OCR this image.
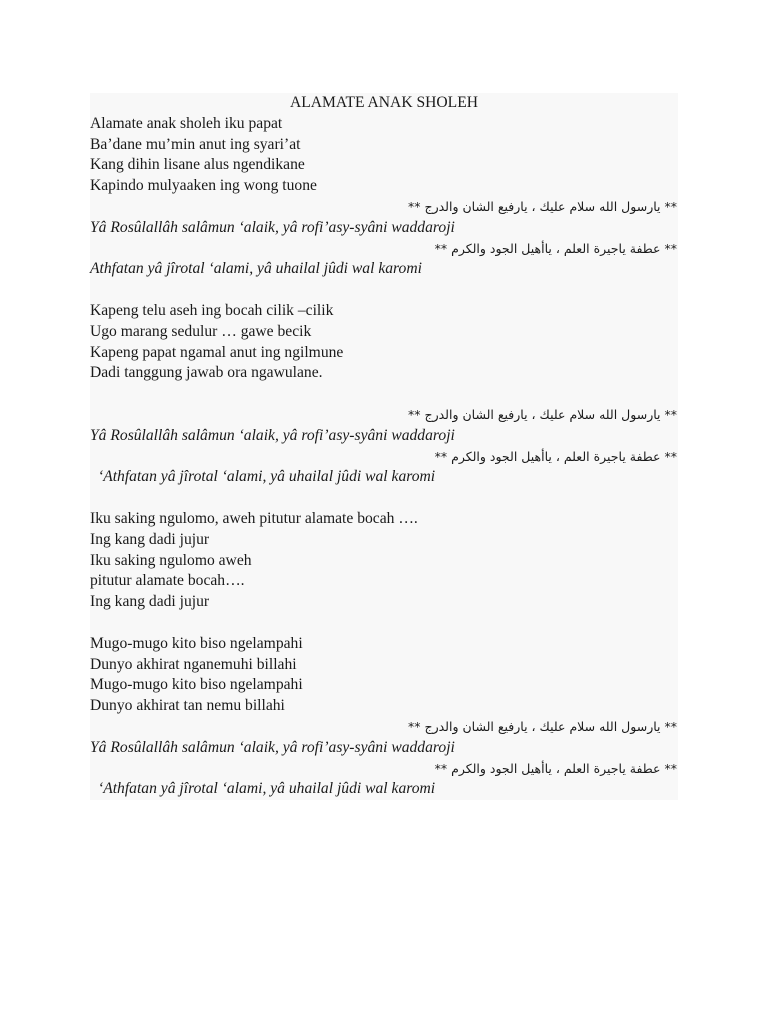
ALAMATE ANAK SHOLEH
Alamate anak sholeh iku papat
Ba’dane mu’min anut ing syari’at
Kang dihin lisane alus ngendikane
Kapindo mulyaaken ing wong tuone
** يارسول الله سلام عليك ، يارفيع الشان والدرج **
Yâ Rosûlallâh salâmun ‘alaik, yâ rofi’asy-syâni waddaroji
** عطفة ياجيرة العلم ، ياأهيل الجود والكرم **
Athfatan yâ jîrotal ‘alami, yâ uhailal jûdi wal karomi
Kapeng telu aseh ing bocah cilik –cilik
Ugo marang sedulur … gawe becik
Kapeng papat ngamal anut ing ngilmune
Dadi tanggung jawab ora ngawulane.
** يارسول الله سلام عليك ، يارفيع الشان والدرج **
Yâ Rosûlallâh salâmun ‘alaik, yâ rofi’asy-syâni waddaroji
** عطفة ياجيرة العلم ، ياأهيل الجود والكرم **
‘Athfatan yâ jîrotal ‘alami, yâ uhailal jûdi wal karomi
Iku saking ngulomo, aweh pitutur alamate bocah ….
Ing kang dadi jujur
Iku saking ngulomo aweh
pitutur alamate bocah….
Ing kang dadi jujur
Mugo-mugo kito biso ngelampahi
Dunyo akhirat nganemuhi billahi
Mugo-mugo kito biso ngelampahi
Dunyo akhirat tan nemu billahi
** يارسول الله سلام عليك ، يارفيع الشان والدرج **
Yâ Rosûlallâh salâmun ‘alaik, yâ rofi’asy-syâni waddaroji
** عطفة ياجيرة العلم ، ياأهيل الجود والكرم **
‘Athfatan yâ jîrotal ‘alami, yâ uhailal jûdi wal karomi
